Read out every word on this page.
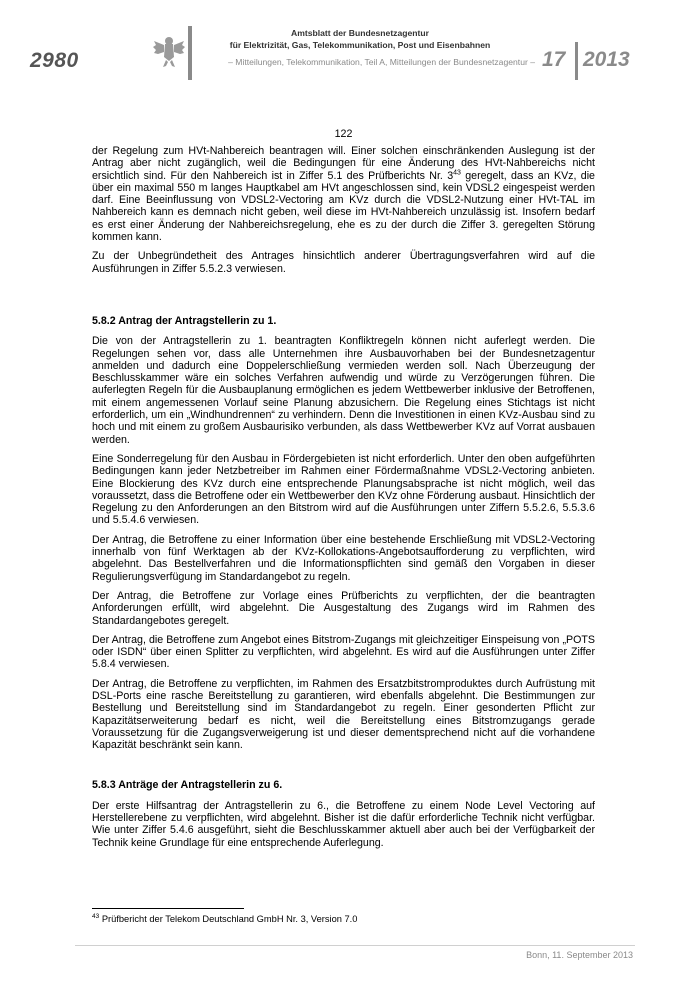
2980
Amtsblatt der Bundesnetzagentur
für Elektrizität, Gas, Telekommunikation, Post und Eisenbahnen
– Mitteilungen, Telekommunikation, Teil A, Mitteilungen der Bundesnetzagentur – 17 2013
122

der Regelung zum HVt-Nahbereich beantragen will. Einer solchen einschränkenden Auslegung ist der Antrag aber nicht zugänglich, weil die Bedingungen für eine Änderung des HVt-Nahbereichs nicht ersichtlich sind. Für den Nahbereich ist in Ziffer 5.1 des Prüfberichts Nr. $3^{43}$ geregelt, dass an KVz, die über ein maximal 550 m langes Hauptkabel am HVt angeschlossen sind, kein VDSL2 eingespeist werden darf. Eine Beeinflussung von VDSL2-Vectoring am KVz durch die VDSL2-Nutzung einer HVt-TAL im Nahbereich kann es demnach nicht geben, weil diese im HVt-Nahbereich unzulässig ist. Insofern bedarf es erst einer Änderung der Nahbereichsregelung, ehe es zu der durch die Ziffer 3. geregelten Störung kommen kann.

Zu der Unbegründetheit des Antrages hinsichtlich anderer Übertragungsverfahren wird auf die Ausführungen in Ziffer 5.5.2.3 verwiesen.

5.8.2 Antrag der Antragstellerin zu 1.

Die von der Antragstellerin zu 1. beantragten Konfliktregeln können nicht auferlegt werden. Die Regelungen sehen vor, dass alle Unternehmen ihre Ausbauvorhaben bei der Bundesnetzagentur anmelden und dadurch eine Doppelerschließung vermieden werden soll. Nach Überzeugung der Beschlusskammer wäre ein solches Verfahren aufwendig und würde zu Verzögerungen führen. Die auferlegten Regeln für die Ausbauplanung ermöglichen es jedem Wettbewerber inklusive der Betroffenen, mit einem angemessenen Vorlauf seine Planung abzusichern. Die Regelung eines Stichtags ist nicht erforderlich, um ein „Windhundrennen“ zu verhindern. Denn die Investitionen in einen KVz-Ausbau sind zu hoch und mit einem zu großem Ausbaurisiko verbunden, als dass Wettbewerber KVz auf Vorrat ausbauen werden.

Eine Sonderregelung für den Ausbau in Fördergebieten ist nicht erforderlich. Unter den oben aufgeführten Bedingungen kann jeder Netzbetreiber im Rahmen einer Fördermaßnahme VDSL2-Vectoring anbieten. Eine Blockierung des KVz durch eine entsprechende Planungsabsprache ist nicht möglich, weil das voraussetzt, dass die Betroffene oder ein Wettbewerber den KVz ohne Förderung ausbaut. Hinsichtlich der Regelung zu den Anforderungen an den Bitstrom wird auf die Ausführungen unter Ziffern 5.5.2.6, 5.5.3.6 und 5.5.4.6 verwiesen.

Der Antrag, die Betroffene zu einer Information über eine bestehende Erschließung mit VDSL2-Vectoring innerhalb von fünf Werktagen ab der KVz-Kollokations-Angebotsaufforderung zu verpflichten, wird abgelehnt. Das Bestellverfahren und die Informationspflichten sind gemäß den Vorgaben in dieser Regulierungsverfügung im Standardangebot zu regeln.

Der Antrag, die Betroffene zur Vorlage eines Prüfberichts zu verpflichten, der die beantragten Anforderungen erfüllt, wird abgelehnt. Die Ausgestaltung des Zugangs wird im Rahmen des Standardangebotes geregelt.

Der Antrag, die Betroffene zum Angebot eines Bitstrom-Zugangs mit gleichzeitiger Einspeisung von „POTS oder ISDN“ über einen Splitter zu verpflichten, wird abgelehnt. Es wird auf die Ausführungen unter Ziffer 5.8.4 verwiesen.

Der Antrag, die Betroffene zu verpflichten, im Rahmen des Ersatzbitstromproduktes durch Aufrüstung mit DSL-Ports eine rasche Bereitstellung zu garantieren, wird ebenfalls abgelehnt. Die Bestimmungen zur Bestellung und Bereitstellung sind im Standardangebot zu regeln. Einer gesonderten Pflicht zur Kapazitätserweiterung bedarf es nicht, weil die Bereitstellung eines Bitstromzugangs gerade Voraussetzung für die Zugangsverweigerung ist und dieser dementsprechend nicht auf die vorhandene Kapazität beschränkt sein kann.

5.8.3 Anträge der Antragstellerin zu 6.

Der erste Hilfsantrag der Antragstellerin zu 6., die Betroffene zu einem Node Level Vectoring auf Herstellerebene zu verpflichten, wird abgelehnt. Bisher ist die dafür erforderliche Technik nicht verfügbar. Wie unter Ziffer 5.4.6 ausgeführt, sieht die Beschlusskammer aktuell aber auch bei der Verfügbarkeit der Technik keine Grundlage für eine entsprechende Auferlegung.

$^{43}$ Prüfbericht der Telekom Deutschland GmbH Nr. 3, Version 7.0
Bonn, 11. September 2013
